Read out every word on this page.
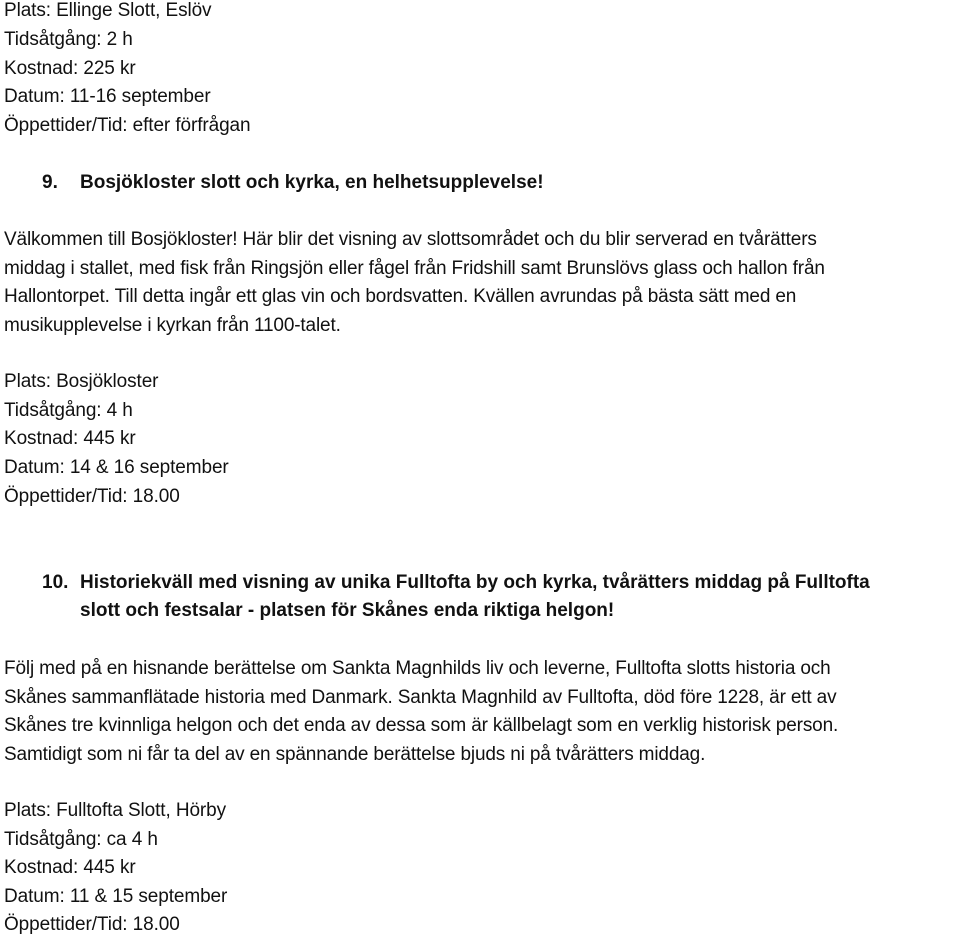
Plats: Ellinge Slott, Eslöv
Tidsåtgång: 2 h
Kostnad: 225 kr
Datum: 11-16 september
Öppettider/Tid: efter förfrågan
9. Bosjökloster slott och kyrka, en helhetsupplevelse!
Välkommen till Bosjökloster! Här blir det visning av slottsområdet och du blir serverad en tvårätters
middag i stallet, med fisk från Ringsjön eller fågel från Fridshill samt Brunslövs glass och hallon från
Hallontorpet. Till detta ingår ett glas vin och bordsvatten. Kvällen avrundas på bästa sätt med en
musikupplevelse i kyrkan från 1100-talet.
Plats: Bosjökloster
Tidsåtgång: 4 h
Kostnad: 445 kr
Datum: 14 & 16 september
Öppettider/Tid: 18.00
10. Historiekväll med visning av unika Fulltofta by och kyrka, tvårätters middag på Fulltofta
slott och festsalar - platsen för Skånes enda riktiga helgon!
Följ med på en hisnande berättelse om Sankta Magnhilds liv och leverne, Fulltofta slotts historia och
Skånes sammanflätade historia med Danmark. Sankta Magnhild av Fulltofta, död före 1228, är ett av
Skånes tre kvinnliga helgon och det enda av dessa som är källbelagt som en verklig historisk person.
Samtidigt som ni får ta del av en spännande berättelse bjuds ni på tvårätters middag.
Plats: Fulltofta Slott, Hörby
Tidsåtgång: ca 4 h
Kostnad: 445 kr
Datum: 11 & 15 september
Öppettider/Tid: 18.00
